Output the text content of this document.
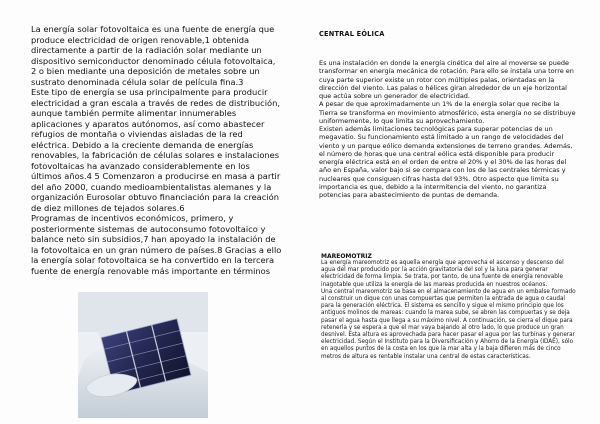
La energía solar fotovoltaica es una fuente de energía que produce electricidad de origen renovable,1 obtenida directamente a partir de la radiación solar mediante un dispositivo semiconductor denominado célula fotovoltaica, 2 o bien mediante una deposición de metales sobre un sustrato denominada célula solar de película fina.3

Este tipo de energía se usa principalmente para producir electricidad a gran escala a través de redes de distribución, aunque también permite alimentar innumerables aplicaciones y aparatos autónomos, así como abastecer refugios de montaña o viviendas aisladas de la red eléctrica. Debido a la creciente demanda de energías renovables, la fabricación de células solares e instalaciones fotovoltaicas ha avanzado considerablemente en los últimos años.4 5 Comenzaron a producirse en masa a partir del año 2000, cuando medioambientalistas alemanes y la organización Eurosolar obtuvo financiación para la creación de diez millones de tejados solares.6

Programas de incentivos económicos, primero, y posteriormente sistemas de autoconsumo fotovoltaico y balance neto sin subsidios,7 han apoyado la instalación de la fotovoltaica en un gran número de países.8 Gracias a ello la energía solar fotovoltaica se ha convertido en la tercera fuente de energía renovable más importante en términos

CENTRAL EÓLICA

Es una instalación en donde la energía cinética del aire al moverse se puede transformar en energía mecánica de rotación. Para ello se instala una torre en cuya parte superior existe un rotor con múltiples palas, orientadas en la dirección del viento. Las palas o hélices giran alrededor de un eje horizontal que actúa sobre un generador de electricidad.

A pesar de que aproximadamente un 1% de la energía solar que recibe la Tierra se transforma en movimiento atmosférico, esta energía no se distribuye uniformemente, lo que limita su aprovechamiento.

Existen además limitaciones tecnológicas para superar potencias de un megavatio. Su funcionamiento está limitado a un rango de velocidades del viento y un parque eólico demanda extensiones de terreno grandes. Además, el número de horas que una central eólica está disponible para producir energía eléctrica está en el orden de entre el 20% y el 30% de las horas del año en España, valor bajo si se compara con los de las centrales térmicas y nucleares que consiguen cifras hasta del 93%. Otro aspecto que limita su importancia es que, debido a la intermitencia del viento, no garantiza potencias para abastecimiento de puntas de demanda.

MAREOMOTRIZ

La energía mareomotriz es aquella energía que aprovecha el ascenso y descenso del agua del mar producido por la acción gravitatoria del sol y la luna para generar electricidad de forma limpia. Se trata, por tanto, de una fuente de energía renovable inagotable que utiliza la energía de las mareas producida en nuestros océanos.

Una central mareomotriz se basa en el almacenamiento de agua en un embalse formado al construir un dique con unas compuertas que permiten la entrada de agua o caudal para la generación eléctrica. El sistema es sencillo y sigue el mismo principio que los antiguos molinos de mareas: cuando la marea sube, se abren las compuertas y se deja pasar el agua hasta que llega a su máximo nivel. A continuación, se cierra el dique para retenerla y se espera a que el mar vaya bajando al otro lado, lo que produce un gran desnivel. Esta altura es aprovechada para hacer pasar el agua por las turbinas y generar electricidad. Según el Instituto para la Diversificación y Ahorro de la Energía (IDAE), sólo en aquellos puntos de la costa en los que la mar alta y la baja difieren más de cinco metros de altura es rentable instalar una central de estas características.
